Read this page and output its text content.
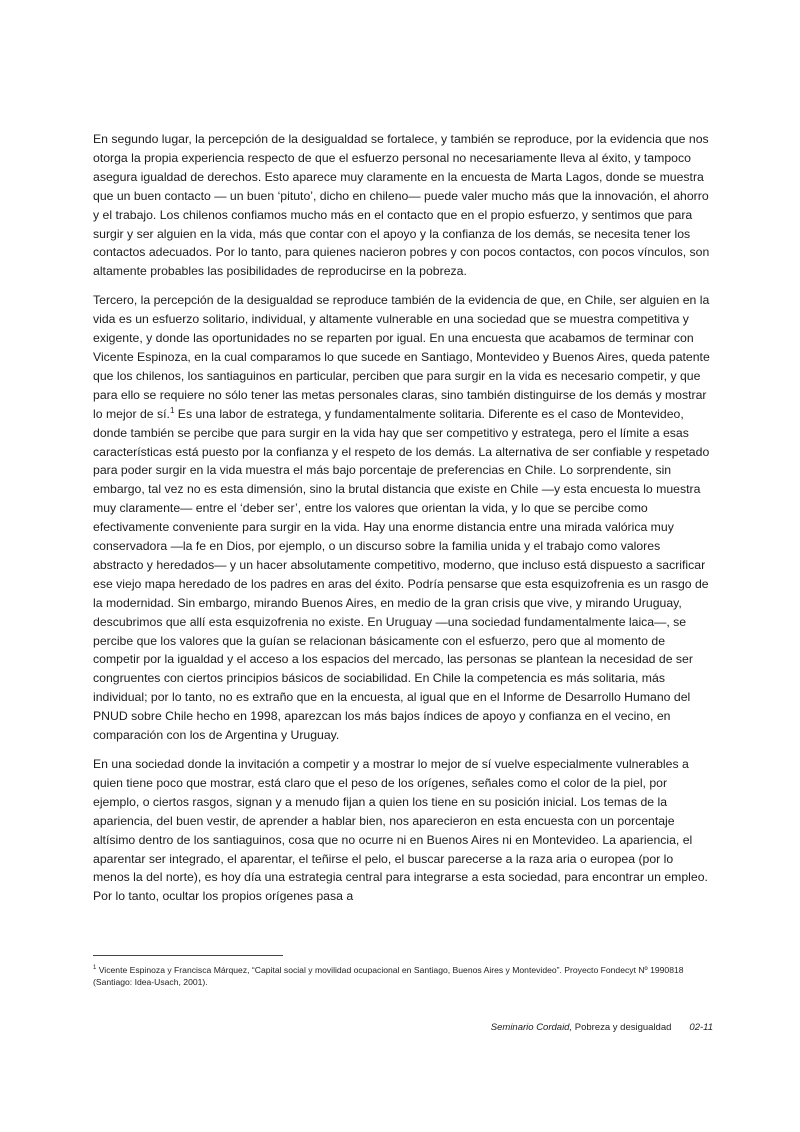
En segundo lugar, la percepción de la desigualdad se fortalece, y también se reproduce, por la evidencia que nos otorga la propia experiencia respecto de que el esfuerzo personal no necesariamente lleva al éxito, y tampoco asegura igualdad de derechos. Esto aparece muy claramente en la encuesta de Marta Lagos, donde se muestra que un buen contacto — un buen ‘pituto’, dicho en chileno— puede valer mucho más que la innovación, el ahorro y el trabajo. Los chilenos confiamos mucho más en el contacto que en el propio esfuerzo, y sentimos que para surgir y ser alguien en la vida, más que contar con el apoyo y la confianza de los demás, se necesita tener los contactos adecuados. Por lo tanto, para quienes nacieron pobres y con pocos contactos, con pocos vínculos, son altamente probables las posibilidades de reproducirse en la pobreza.

Tercero, la percepción de la desigualdad se reproduce también de la evidencia de que, en Chile, ser alguien en la vida es un esfuerzo solitario, individual, y altamente vulnerable en una sociedad que se muestra competitiva y exigente, y donde las oportunidades no se reparten por igual. En una encuesta que acabamos de terminar con Vicente Espinoza, en la cual comparamos lo que sucede en Santiago, Montevideo y Buenos Aires, queda patente que los chilenos, los santiaguinos en particular, perciben que para surgir en la vida es necesario competir, y que para ello se requiere no sólo tener las metas personales claras, sino también distinguirse de los demás y mostrar lo mejor de sí.$^1$ Es una labor de estratega, y fundamentalmente solitaria. Diferente es el caso de Montevideo, donde también se percibe que para surgir en la vida hay que ser competitivo y estratega, pero el límite a esas características está puesto por la confianza y el respeto de los demás. La alternativa de ser confiable y respetado para poder surgir en la vida muestra el más bajo porcentaje de preferencias en Chile. Lo sorprendente, sin embargo, tal vez no es esta dimensión, sino la brutal distancia que existe en Chile —y esta encuesta lo muestra muy claramente— entre el ‘deber ser’, entre los valores que orientan la vida, y lo que se percibe como efectivamente conveniente para surgir en la vida. Hay una enorme distancia entre una mirada valórica muy conservadora —la fe en Dios, por ejemplo, o un discurso sobre la familia unida y el trabajo como valores abstracto y heredados— y un hacer absolutamente competitivo, moderno, que incluso está dispuesto a sacrificar ese viejo mapa heredado de los padres en aras del éxito. Podría pensarse que esta esquizofrenia es un rasgo de la modernidad. Sin embargo, mirando Buenos Aires, en medio de la gran crisis que vive, y mirando Uruguay, descubrimos que allí esta esquizofrenia no existe. En Uruguay —una sociedad fundamentalmente laica—, se percibe que los valores que la guían se relacionan básicamente con el esfuerzo, pero que al momento de competir por la igualdad y el acceso a los espacios del mercado, las personas se plantean la necesidad de ser congruentes con ciertos principios básicos de sociabilidad. En Chile la competencia es más solitaria, más individual; por lo tanto, no es extraño que en la encuesta, al igual que en el Informe de Desarrollo Humano del PNUD sobre Chile hecho en 1998, aparezcan los más bajos índices de apoyo y confianza en el vecino, en comparación con los de Argentina y Uruguay.

En una sociedad donde la invitación a competir y a mostrar lo mejor de sí vuelve especialmente vulnerables a quien tiene poco que mostrar, está claro que el peso de los orígenes, señales como el color de la piel, por ejemplo, o ciertos rasgos, signan y a menudo fijan a quien los tiene en su posición inicial. Los temas de la apariencia, del buen vestir, de aprender a hablar bien, nos aparecieron en esta encuesta con un porcentaje altísimo dentro de los santiaguinos, cosa que no ocurre ni en Buenos Aires ni en Montevideo. La apariencia, el aparentar ser integrado, el aparentar, el teñirse el pelo, el buscar parecerse a la raza aria o europea (por lo menos la del norte), es hoy día una estrategia central para integrarse a esta sociedad, para encontrar un empleo. Por lo tanto, ocultar los propios orígenes pasa a

$^1$ Vicente Espinoza y Francisca Márquez, “Capital social y movilidad ocupacional en Santiago, Buenos Aires y Montevideo”. Proyecto Fondecyt Nº 1990818 (Santiago: Idea-Usach, 2001).
Seminario Cordaid, Pobreza y desigualdad 02-11
